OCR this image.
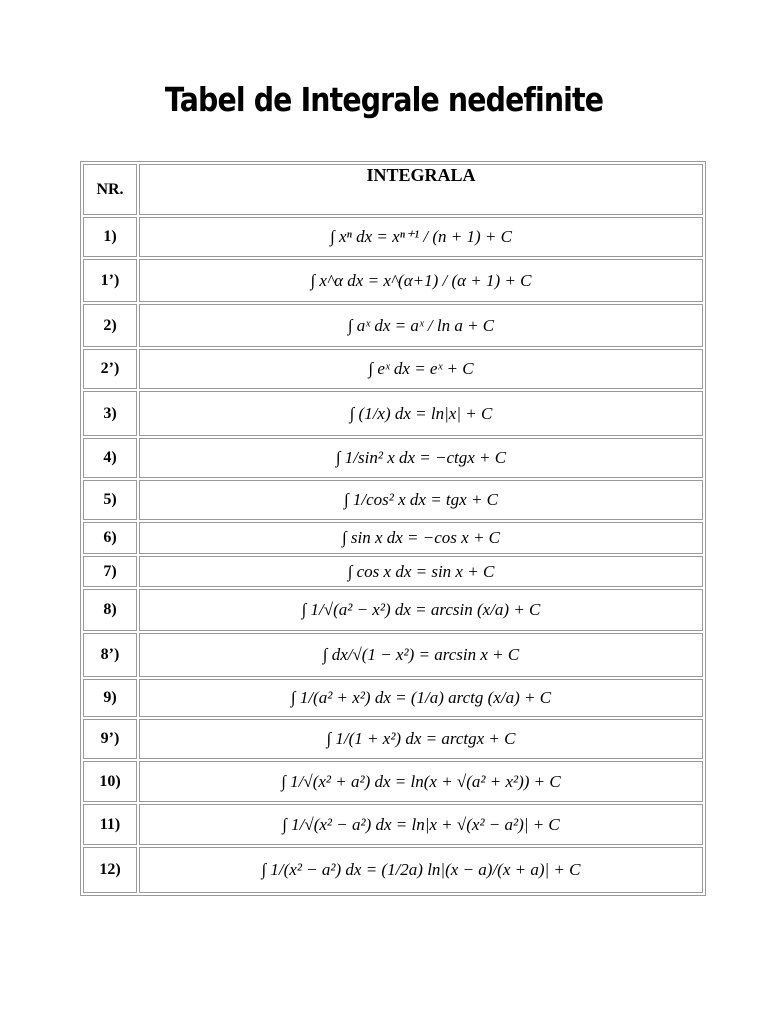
Tabel de Integrale nedefinite
NR.	INTEGRALA
1)	∫ xⁿ dx = xⁿ⁺¹ / (n + 1) + C
1’)	∫ x^α dx = x^(α+1) / (α + 1) + C
2)	∫ aˣ dx = aˣ / ln a + C
2’)	∫ eˣ dx = eˣ + C
3)	∫ (1/x) dx = ln|x| + C
4)	∫ 1/sin² x dx = −ctgx + C
5)	∫ 1/cos² x dx = tgx + C
6)	∫ sin x dx = −cos x + C
7)	∫ cos x dx = sin x + C
8)	∫ 1/√(a² − x²) dx = arcsin (x/a) + C
8’)	∫ dx/√(1 − x²) = arcsin x + C
9)	∫ 1/(a² + x²) dx = (1/a) arctg (x/a) + C
9’)	∫ 1/(1 + x²) dx = arctgx + C
10)	∫ 1/√(x² + a²) dx = ln(x + √(a² + x²)) + C
11)	∫ 1/√(x² − a²) dx = ln|x + √(x² − a²)| + C
12)	∫ 1/(x² − a²) dx = (1/2a) ln|(x − a)/(x + a)| + C
